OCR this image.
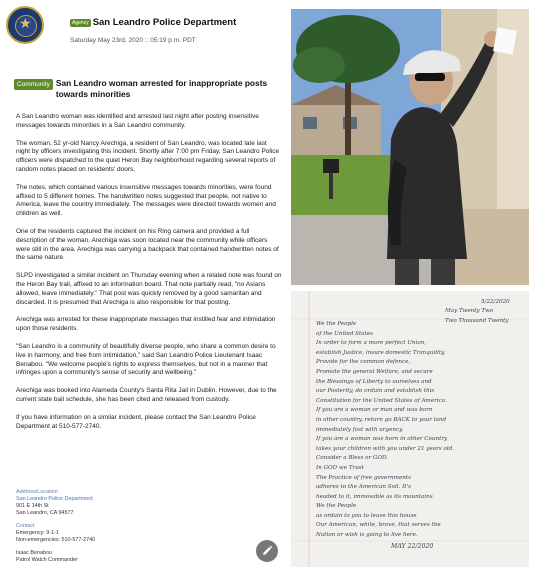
★
Agency San Leandro Police Department
Saturday May 23rd, 2020 :: 05:19 p.m. PDT
Community San Leandro woman arrested for inappropriate posts towards minorities

A San Leandro woman was identified and arrested last night after posting insensitive messages towards minorities in a San Leandro community.

The woman, 52 yr-old Nancy Arechiga, a resident of San Leandro, was located late last night by officers investigating this incident. Shortly after 7:00 pm Friday, San Leandro Police officers were dispatched to the quiet Heron Bay neighborhood regarding several reports of random notes placed on residents' doors.

The notes, which contained various insensitive messages towards minorities, were found affixed to 5 different homes. The handwritten notes suggested that people, not native to America, leave the country immediately. The messages were directed towards women and children as well.

One of the residents captured the incident on his Ring camera and provided a full description of the woman. Arechiga was soon located near the community while officers were still in the area. Arechiga was carrying a backpack that contained handwritten notes of the same nature.

SLPD investigated a similar incident on Thursday evening when a related note was found on the Heron Bay trail, affixed to an information board. That note partially read, "no Asians allowed, leave immediately." That post was quickly removed by a good samaritan and discarded. It is presumed that Arechiga is also responsible for that posting.

Arechiga was arrested for these inappropriate messages that instilled fear and intimidation upon those residents.

"San Leandro is a community of beautifully diverse people, who share a common desire to live in harmony, and free from intimidation," said San Leandro Police Lieutenant Isaac Benabou. "We welcome people's rights to express themselves, but not in a manner that infringes upon a community's sense of security and wellbeing."

Arechiga was booked into Alameda County's Santa Rita Jail in Dublin. However, due to the current state bail schedule, she has been cited and released from custody.

If you have information on a similar incident, please contact the San Leandro Police Department at 510-577-2740.

Address/Location
San Leandro Police Department
901 E 14th St
San Leandro, CA 94577
Contact
Emergency: 9-1-1
Non-emergencies: 510-577-2740
Isaac Benabou
Patrol Watch Commander
5/22/2020
May Twenty Two
Two Thousand Twenty
We the People
of the United States
In order to form a more perfect Union,
establish Justice, insure domestic Tranquility,
Provide for the common defence,
Promote the general Welfare, and secure
the Blessings of Liberty to ourselves and
our Posterity, do ordain and establish this
Constitution for the United States of America.
If you are a woman or man and was born
in other country, return go BACK to your land
immediately fast with urgency.
If you are a woman was born in other Country
takes your children with you under 21 years old.
Consider a Bless or GOD.
In GOD we Trust
The Practice of free governments
adheres to the American Soil. It's
headed to it, immovable as its mountains.
We the People
as ordain to you to leave this house
Our American, white, brave, that serves the
Nation or wish is going to live here.
MAY 22/2020
